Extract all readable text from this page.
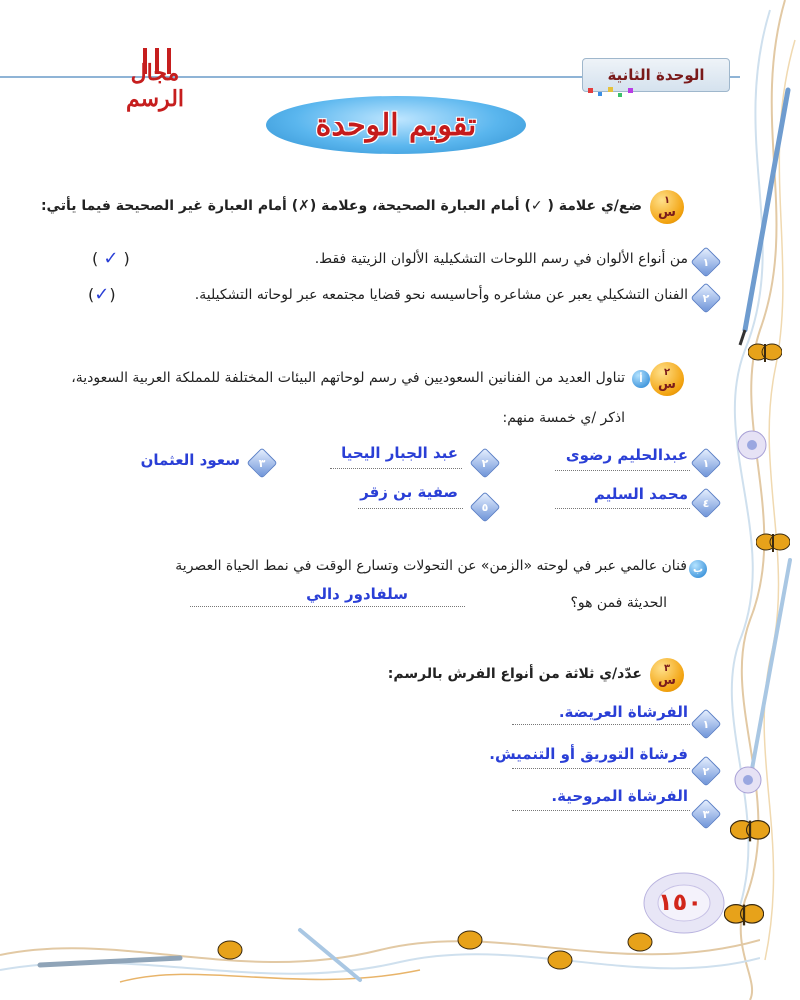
الوحدة الثانية
مجال الرسم
تقويم الوحدة
١
س
ضع/ي علامة ( ✓) أمام العبارة الصحيحة، وعلامة (✗) أمام العبارة غير الصحيحة فيما يأتي:
١
من أنواع الألوان في رسم اللوحات التشكيلية الألوان الزيتية فقط.
( ✓ )
٢
الفنان التشكيلي يعبر عن مشاعره وأحاسيسه نحو قضايا مجتمعه عبر لوحاته التشكيلية.
(✓)
٢
س
أ
تناول العديد من الفنانين السعوديين في رسم لوحاتهم البيئات المختلفة للمملكة العربية السعودية،
اذكر /ي خمسة منهم:
١
عبدالحليم رضوى
٢
عبد الجبار اليحيا
٣
سعود العثمان
٤
محمد السليم
٥
صفية بن زقر
ب
فنان عالمي عبر في لوحته «الزمن» عن التحولات وتسارع الوقت في نمط الحياة العصرية
الحديثة فمن هو؟
سلفادور دالي
٣
س
عدّد/ي ثلاثة من أنواع الفرش بالرسم:
١
الفرشاة العريضة.
٢
فرشاة التوريق أو التنميش.
٣
الفرشاة المروحية.
١٥٠
